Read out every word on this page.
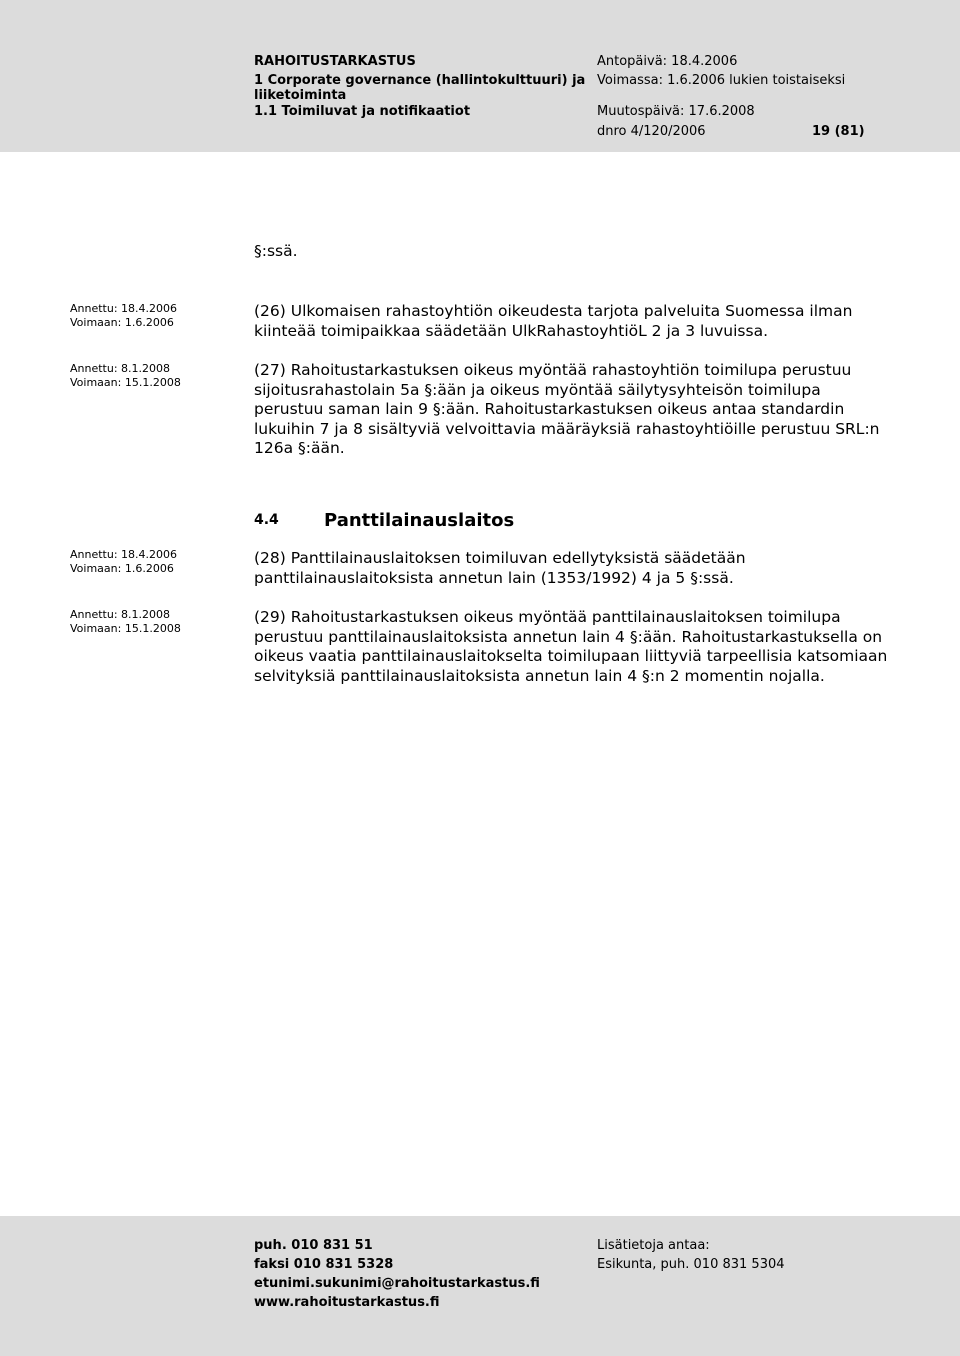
RAHOITUSTARKASTUS
1 Corporate governance (hallintokulttuuri) ja
liiketoiminta
1.1 Toimiluvat ja notifikaatiot
Antopäivä: 18.4.2006
Voimassa: 1.6.2006 lukien toistaiseksi
Muutospäivä: 17.6.2008
dnro 4/120/2006	19 (81)
§:ssä.
Annettu: 18.4.2006
Voimaan: 1.6.2006
Annettu: 8.1.2008
Voimaan: 15.1.2008
Annettu: 18.4.2006
Voimaan: 1.6.2006
Annettu: 8.1.2008
Voimaan: 15.1.2008

(26) Ulkomaisen rahastoyhtiön oikeudesta tarjota palveluita Suomessa ilman kiinteää toimipaikkaa säädetään UlkRahastoyhtiöL 2 ja 3 luvuissa.

(27) Rahoitustarkastuksen oikeus myöntää rahastoyhtiön toimilupa perustuu sijoitusrahastolain 5a §:ään ja oikeus myöntää säilytysyhteisön toimilupa perustuu saman lain 9 §:ään. Rahoitustarkastuksen oikeus antaa standardin lukuihin 7 ja 8 sisältyviä velvoittavia määräyksiä rahastoyhtiöille perustuu SRL:n 126a §:ään.

4.4	Panttilainauslaitos

(28) Panttilainauslaitoksen toimiluvan edellytyksistä säädetään panttilainauslaitoksista annetun lain (1353/1992) 4 ja 5 §:ssä.

(29) Rahoitustarkastuksen oikeus myöntää panttilainauslaitoksen toimilupa perustuu panttilainauslaitoksista annetun lain 4 §:ään. Rahoitustarkastuksella on oikeus vaatia panttilainauslaitokselta toimilupaan liittyviä tarpeellisia katsomiaan selvityksiä panttilainauslaitoksista annetun lain 4 §:n 2 momentin nojalla.

puh. 010 831 51
faksi 010 831 5328
etunimi.sukunimi@rahoitustarkastus.fi
www.rahoitustarkastus.fi
Lisätietoja antaa:
Esikunta, puh. 010 831 5304
